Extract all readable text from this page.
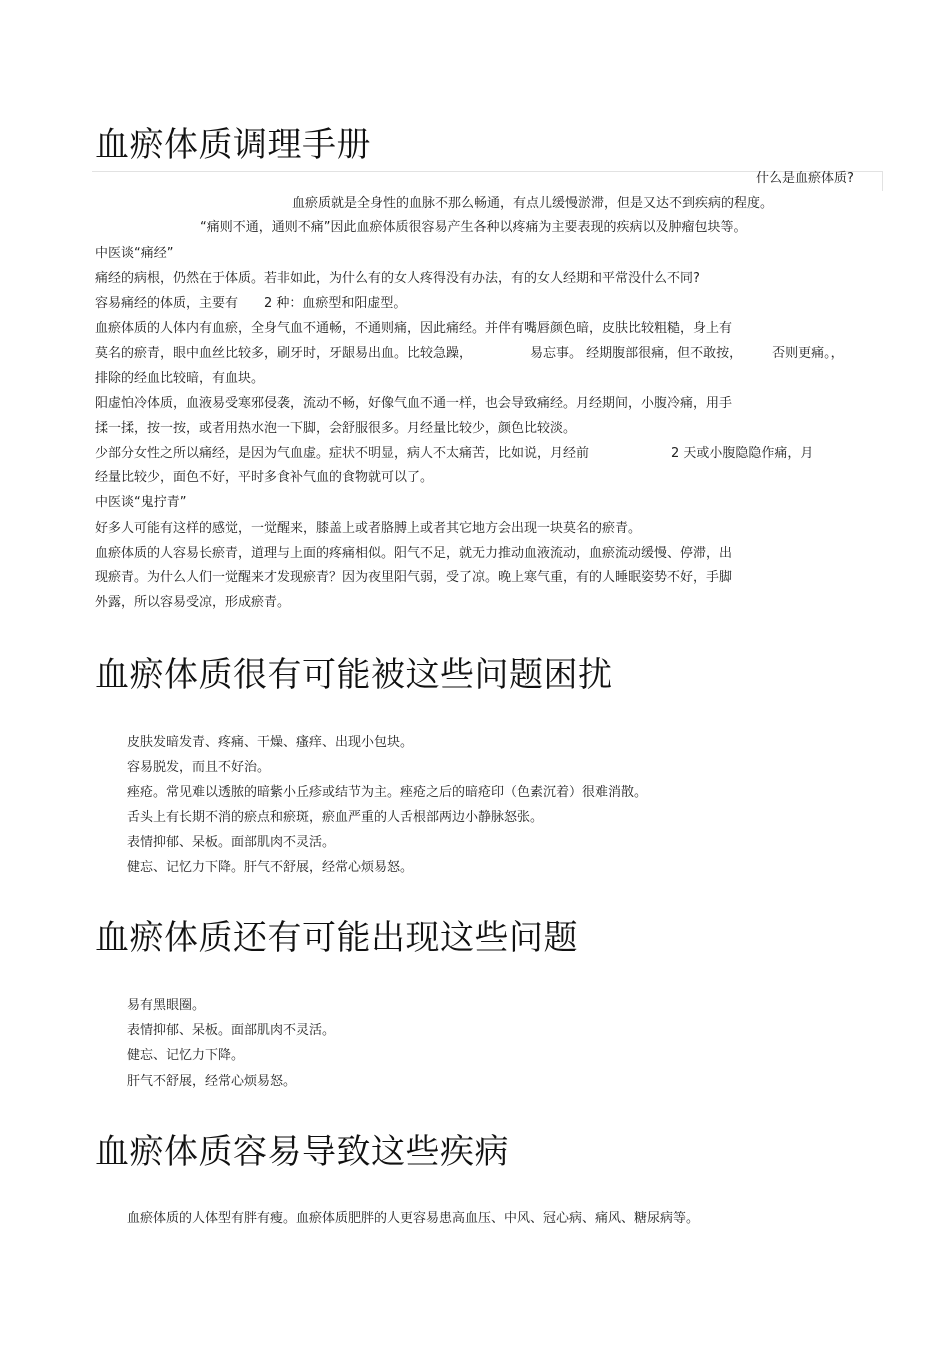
血瘀体质调理手册
什么是血瘀体质?
血瘀质就是全身性的血脉不那么畅通，有点儿缓慢淤滞，但是又达不到疾病的程度。
“痛则不通，通则不痛”因此血瘀体质很容易产生各种以疼痛为主要表现的疾病以及肿瘤包块等。
中医谈“痛经”
痛经的病根，仍然在于体质。若非如此，为什么有的女人疼得没有办法，有的女人经期和平常没什么不同?
容易痛经的体质，主要有 2 种：血瘀型和阳虚型。
血瘀体质的人体内有血瘀，全身气血不通畅，不通则痛，因此痛经。并伴有嘴唇颜色暗，皮肤比较粗糙，身上有
莫名的瘀青，眼中血丝比较多，刷牙时，牙龈易出血。比较急躁，	易忘事。 经期腹部很痛，但不敢按， 否则更痛。，
排除的经血比较暗，有血块。
阳虚怕冷体质，血液易受寒邪侵袭，流动不畅，好像气血不通一样，也会导致痛经。月经期间，小腹冷痛，用手
揉一揉，按一按，或者用热水泡一下脚，会舒服很多。月经量比较少，颜色比较淡。
少部分女性之所以痛经，是因为气血虚。症状不明显，病人不太痛苦，比如说，月经前	2 天或小腹隐隐作痛，月
经量比较少，面色不好，平时多食补气血的食物就可以了。
中医谈“鬼拧青”
好多人可能有这样的感觉，一觉醒来，膝盖上或者胳膊上或者其它地方会出现一块莫名的瘀青。
血瘀体质的人容易长瘀青，道理与上面的疼痛相似。阳气不足，就无力推动血液流动，血瘀流动缓慢、停滞，出
现瘀青。为什么人们一觉醒来才发现瘀青？因为夜里阳气弱，受了凉。晚上寒气重，有的人睡眠姿势不好，手脚
外露，所以容易受凉，形成瘀青。
血瘀体质很有可能被这些问题困扰
皮肤发暗发青、疼痛、干燥、瘙痒、出现小包块。
容易脱发，而且不好治。
痤疮。常见难以透脓的暗紫小丘疹或结节为主。痤疮之后的暗疮印（色素沉着）很难消散。
舌头上有长期不消的瘀点和瘀斑，瘀血严重的人舌根部两边小静脉怒张。
表情抑郁、呆板。面部肌肉不灵活。
健忘、记忆力下降。肝气不舒展，经常心烦易怒。
血瘀体质还有可能出现这些问题
易有黑眼圈。
表情抑郁、呆板。面部肌肉不灵活。
健忘、记忆力下降。
肝气不舒展，经常心烦易怒。
血瘀体质容易导致这些疾病
血瘀体质的人体型有胖有瘦。血瘀体质肥胖的人更容易患高血压、中风、冠心病、痛风、糖尿病等。
